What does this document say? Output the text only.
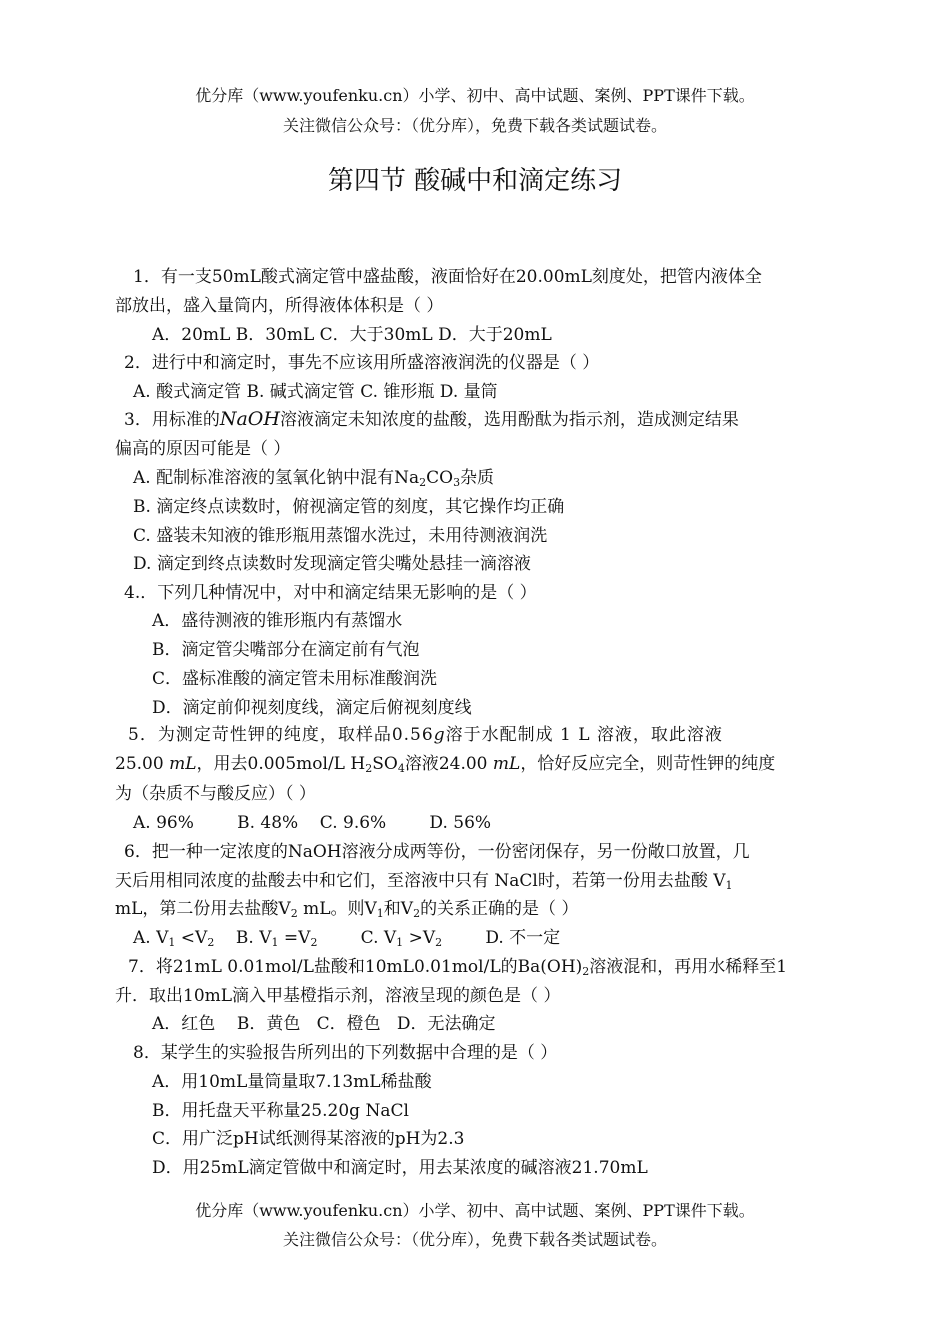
优分库（www.youfenku.cn）小学、初中、高中试题、案例、PPT课件下载。
关注微信公众号：（优分库），免费下载各类试题试卷。
第四节 酸碱中和滴定练习
1．有一支50mL酸式滴定管中盛盐酸，液面恰好在20.00mL刻度处，把管内液体全
部放出，盛入量筒内，所得液体体积是（ ）
A．20mL B．30mL C．大于30mL D．大于20mL
2．进行中和滴定时，事先不应该用所盛溶液润洗的仪器是（ ）
A. 酸式滴定管 B. 碱式滴定管 C. 锥形瓶 D. 量筒
3．用标准的NaOH溶液滴定未知浓度的盐酸，选用酚酞为指示剂，造成测定结果
偏高的原因可能是（ ）
A. 配制标准溶液的氢氧化钠中混有$Na_2CO_3$杂质
B. 滴定终点读数时，俯视滴定管的刻度，其它操作均正确
C. 盛装未知液的锥形瓶用蒸馏水洗过，未用待测液润洗
D. 滴定到终点读数时发现滴定管尖嘴处悬挂一滴溶液
4.．下列几种情况中，对中和滴定结果无影响的是（ ）
A．盛待测液的锥形瓶内有蒸馏水
B．滴定管尖嘴部分在滴定前有气泡
C．盛标准酸的滴定管未用标准酸润洗
D．滴定前仰视刻度线，滴定后俯视刻度线
5．为测定苛性钾的纯度，取样品0.56g溶于水配制成 1 L 溶液，取此溶液
25.00 mL，用去0.005mol/L $H_2SO_4$溶液24.00 mL，恰好反应完全，则苛性钾的纯度
为（杂质不与酸反应）（ ）
A. 96%        B. 48%    C. 9.6%        D. 56%
6．把一种一定浓度的NaOH溶液分成两等份，一份密闭保存，另一份敞口放置，几
天后用相同浓度的盐酸去中和它们，至溶液中只有 NaCl时，若第一份用去盐酸 $V_1$
mL，第二份用去盐酸$V_2$ mL。则$V_1$和$V_2$的关系正确的是（ ）
A. $V_1 <V_2$    B. $V_1 =V_2$        C. $V_1 >V_2$        D. 不一定
7．将21mL 0.01mol/L盐酸和10mL0.01mol/L的$Ba(OH)_2$溶液混和，再用水稀释至1
升．取出10mL滴入甲基橙指示剂，溶液呈现的颜色是（ ）
A．红色    B．黄色   C．橙色   D．无法确定
8．某学生的实验报告所列出的下列数据中合理的是（ ）
A．用10mL量筒量取7.13mL稀盐酸
B．用托盘天平称量25.20g NaCl
C．用广泛pH试纸测得某溶液的pH为2.3
D．用25mL滴定管做中和滴定时，用去某浓度的碱溶液21.70mL
优分库（www.youfenku.cn）小学、初中、高中试题、案例、PPT课件下载。
关注微信公众号：（优分库），免费下载各类试题试卷。
